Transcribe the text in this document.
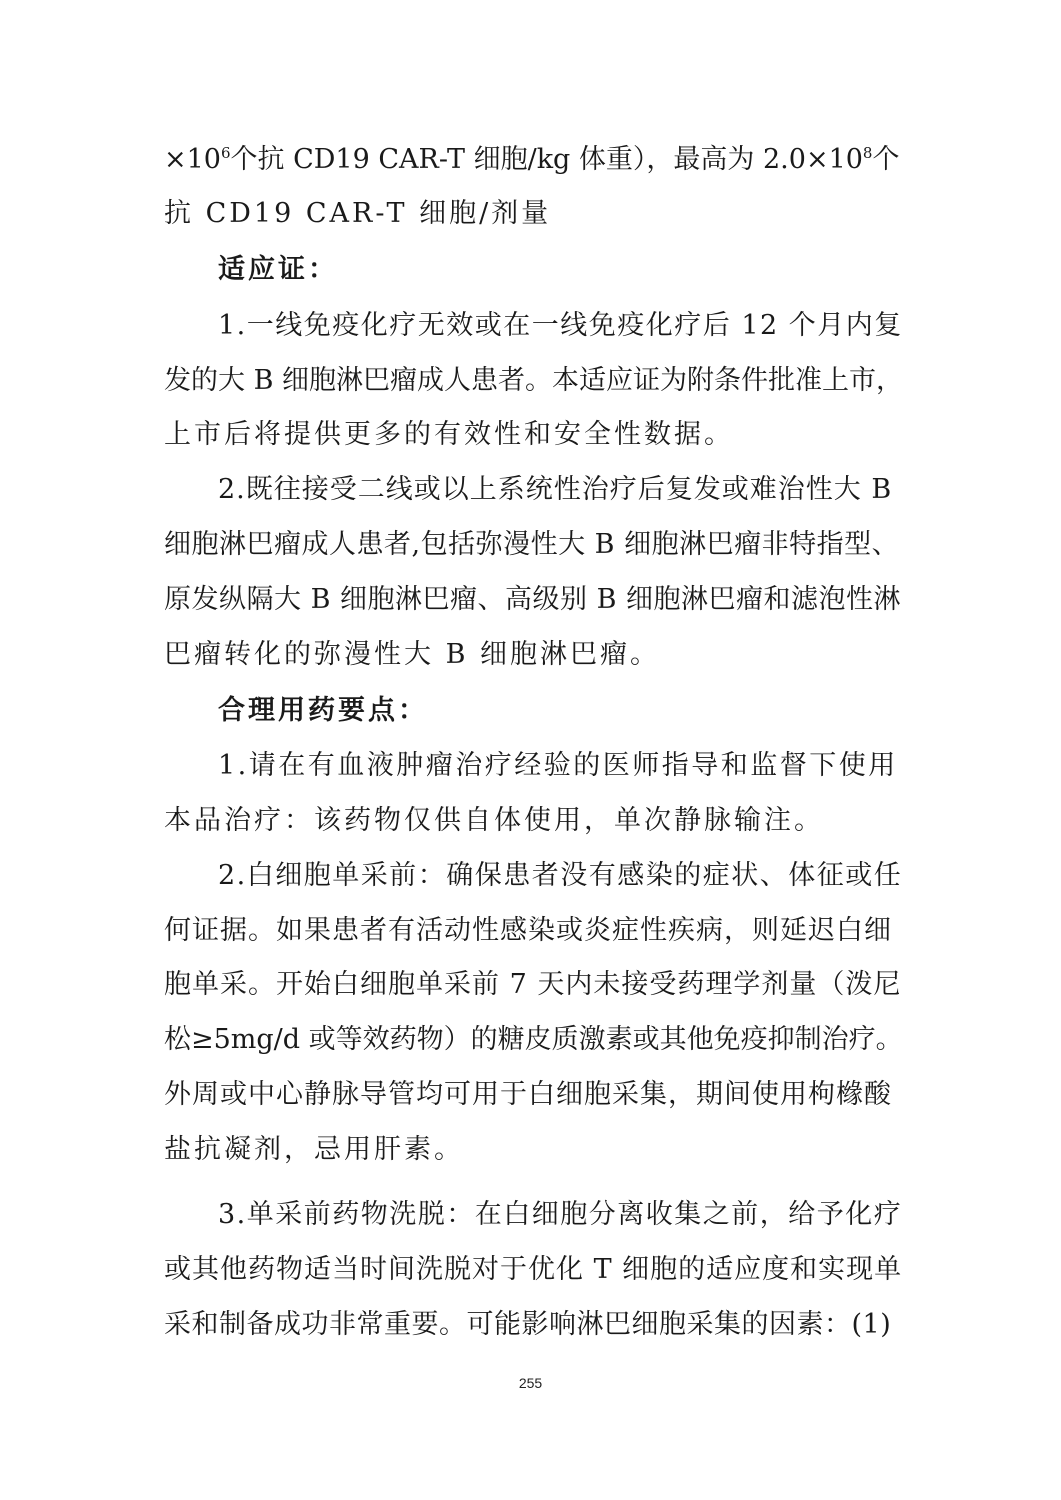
$\times 10^6$个抗 CD19 CAR-T 细胞/kg 体重），最高为 $2.0\times 10^8$个
抗 CD19 CAR-T 细胞/剂量
适应证：
1.一线免疫化疗无效或在一线免疫化疗后 12 个月内复
发的大 B 细胞淋巴瘤成人患者。本适应证为附条件批准上市，
上市后将提供更多的有效性和安全性数据。
2.既往接受二线或以上系统性治疗后复发或难治性大 B
细胞淋巴瘤成人患者,包括弥漫性大 B 细胞淋巴瘤非特指型、
原发纵隔大 B 细胞淋巴瘤、高级别 B 细胞淋巴瘤和滤泡性淋
巴瘤转化的弥漫性大 B 细胞淋巴瘤。
合理用药要点：
1.请在有血液肿瘤治疗经验的医师指导和监督下使用
本品治疗：该药物仅供自体使用，单次静脉输注。
2.白细胞单采前：确保患者没有感染的症状、体征或任
何证据。如果患者有活动性感染或炎症性疾病，则延迟白细
胞单采。开始白细胞单采前 7 天内未接受药理学剂量（泼尼
松≥5mg/d 或等效药物）的糖皮质激素或其他免疫抑制治疗。
外周或中心静脉导管均可用于白细胞采集，期间使用枸橼酸
盐抗凝剂，忌用肝素。
3.单采前药物洗脱：在白细胞分离收集之前，给予化疗
或其他药物适当时间洗脱对于优化 T 细胞的适应度和实现单
采和制备成功非常重要。可能影响淋巴细胞采集的因素：(1)
255
